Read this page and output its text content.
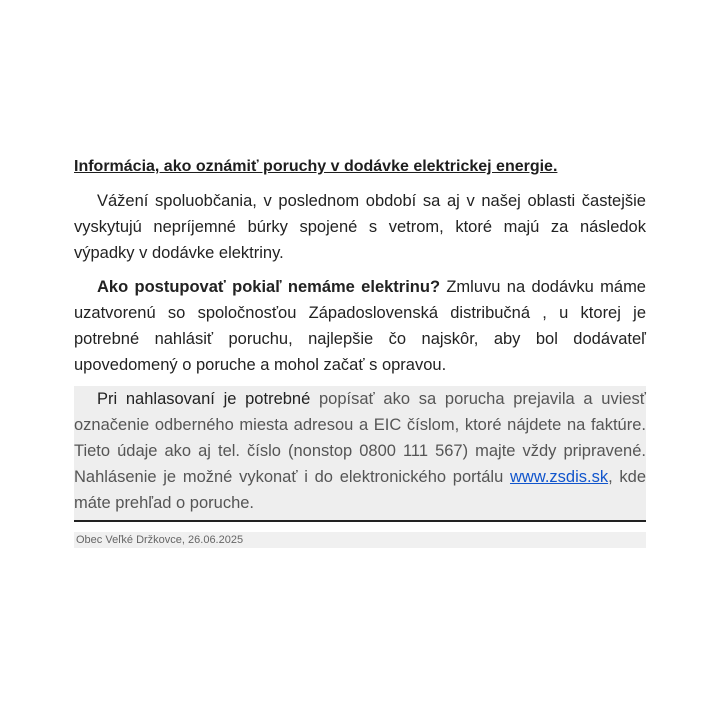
Informácia, ako oznámiť poruchy v dodávke elektrickej energie.

Vážení spoluobčania, v poslednom období sa aj v našej oblasti častejšie vyskytujú nepríjemné búrky spojené s vetrom, ktoré majú za následok výpadky v dodávke elektriny.

Ako postupovať pokiaľ nemáme elektrinu? Zmluvu na dodávku máme uzatvorenú so spoločnosťou Západoslovenská distribučná , u ktorej je potrebné nahlásiť poruchu, najlepšie čo najskôr, aby bol dodávateľ upovedomený o poruche a mohol začať s opravou.

Pri nahlasovaní je potrebné popísať ako sa porucha prejavila a uviesť označenie odberného miesta adresou a EIC číslom, ktoré nájdete na faktúre. Tieto údaje ako aj tel. číslo (nonstop 0800 111 567) majte vždy pripravené. Nahlásenie je možné vykonať i do elektronického portálu www.zsdis.sk, kde máte prehľad o poruche.

Obec Veľké Držkovce, 26.06.2025
